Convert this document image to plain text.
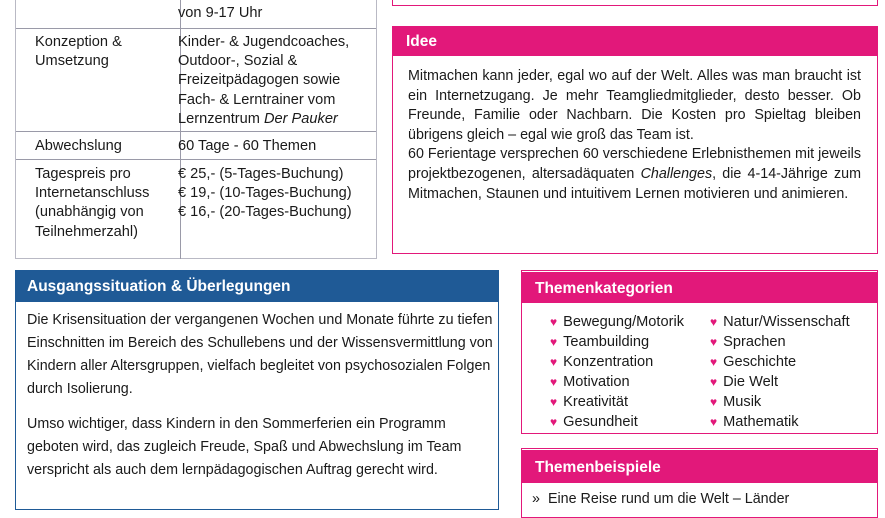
von 9-17 Uhr
Konzeption & Umsetzung
Kinder- & Jugendcoaches, Outdoor-, Sozial & Freizeitpädagogen sowie Fach- & Lerntrainer vom Lernzentrum Der Pauker
Abwechslung	60 Tage - 60 Themen
Tagespreis pro
Internetanschluss
(unabhängig von
Teilnehmerzahl)
€ 25,- (5-Tages-Buchung)
€ 19,- (10-Tages-Buchung)
€ 16,- (20-Tages-Buchung)
Idee
Mitmachen kann jeder, egal wo auf der Welt. Alles was man braucht ist ein Internetzugang. Je mehr Teamgliedmitglieder, desto besser. Ob Freunde, Familie oder Nachbarn. Die Kosten pro Spieltag bleiben übrigens gleich – egal wie groß das Team ist.
60 Ferientage versprechen 60 verschiedene Erlebnisthemen mit jeweils projektbezogenen, altersadäquaten Challenges, die 4-14-Jährige zum Mitmachen, Staunen und intuitivem Lernen motivieren und animieren.
Ausgangssituation & Überlegungen
Die Krisensituation der vergangenen Wochen und Monate führte zu tiefen Einschnitten im Bereich des Schullebens und der Wissensvermittlung von Kindern aller Altersgruppen, vielfach begleitet von psychosozialen Folgen durch Isolierung.
Umso wichtiger, dass Kindern in den Sommerferien ein Programm geboten wird, das zugleich Freude, Spaß und Abwechslung im Team verspricht als auch dem lernpädagogischen Auftrag gerecht wird.
Themenkategorien
♥ Bewegung/Motorik
♥ Teambuilding
♥ Konzentration
♥ Motivation
♥ Kreativität
♥ Gesundheit
♥ Natur/Wissenschaft
♥ Sprachen
♥ Geschichte
♥ Die Welt
♥ Musik
♥ Mathematik
Themenbeispiele
» Eine Reise rund um die Welt – Länder
